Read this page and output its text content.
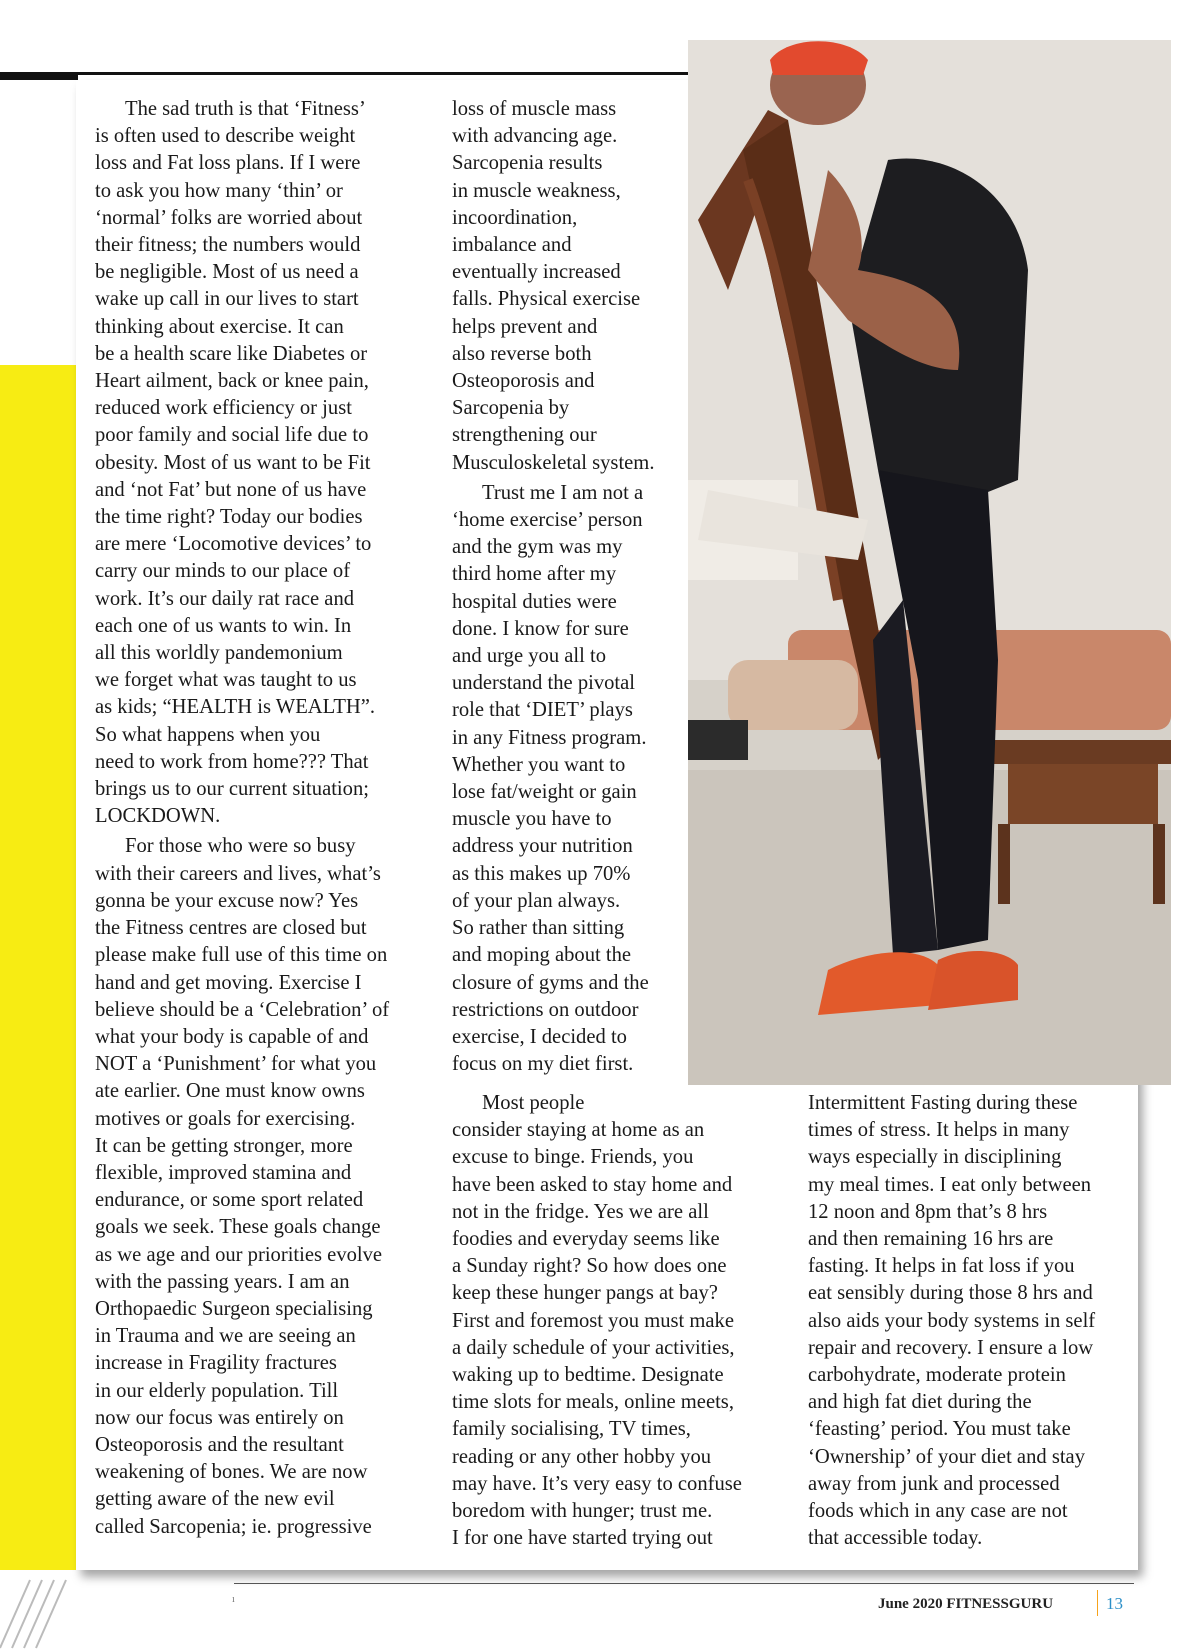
The sad truth is that ‘Fitness’
is often used to describe weight
loss and Fat loss plans. If I were
to ask you how many ‘thin’ or
‘normal’ folks are worried about
their fitness; the numbers would
be negligible. Most of us need a
wake up call in our lives to start
thinking about exercise. It can
be a health scare like Diabetes or
Heart ailment, back or knee pain,
reduced work efficiency or just
poor family and social life due to
obesity. Most of us want to be Fit
and ‘not Fat’ but none of us have
the time right? Today our bodies
are mere ‘Locomotive devices’ to
carry our minds to our place of
work. It’s our daily rat race and
each one of us wants to win. In
all this worldly pandemonium
we forget what was taught to us
as kids; “HEALTH is WEALTH”.
So what happens when you
need to work from home??? That
brings us to our current situation;
LOCKDOWN.

For those who were so busy
with their careers and lives, what’s
gonna be your excuse now? Yes
the Fitness centres are closed but
please make full use of this time on
hand and get moving. Exercise I
believe should be a ‘Celebration’ of
what your body is capable of and
NOT a ‘Punishment’ for what you
ate earlier. One must know owns
motives or goals for exercising.
It can be getting stronger, more
flexible, improved stamina and
endurance, or some sport related
goals we seek. These goals change
as we age and our priorities evolve
with the passing years. I am an
Orthopaedic Surgeon specialising
in Trauma and we are seeing an
increase in Fragility fractures
in our elderly population. Till
now our focus was entirely on
Osteoporosis and the resultant
weakening of bones. We are now
getting aware of the new evil
called Sarcopenia; ie. progressive

loss of muscle mass
with advancing age.
Sarcopenia results
in muscle weakness,
incoordination,
imbalance and
eventually increased
falls. Physical exercise
helps prevent and
also reverse both
Osteoporosis and
Sarcopenia by
strengthening our
Musculoskeletal system.

Trust me I am not a
‘home exercise’ person
and the gym was my
third home after my
hospital duties were
done. I know for sure
and urge you all to
understand the pivotal
role that ‘DIET’ plays
in any Fitness program.
Whether you want to
lose fat/weight or gain
muscle you have to
address your nutrition
as this makes up 70%
of your plan always.
So rather than sitting
and moping about the
closure of gyms and the
restrictions on outdoor
exercise, I decided to
focus on my diet first.

Most people
consider staying at home as an
excuse to binge. Friends, you
have been asked to stay home and
not in the fridge. Yes we are all
foodies and everyday seems like
a Sunday right? So how does one
keep these hunger pangs at bay?
First and foremost you must make
a daily schedule of your activities,
waking up to bedtime. Designate
time slots for meals, online meets,
family socialising, TV times,
reading or any other hobby you
may have. It’s very easy to confuse
boredom with hunger; trust me.
I for one have started trying out

Intermittent Fasting during these
times of stress. It helps in many
ways especially in disciplining
my meal times. I eat only between
12 noon and 8pm that’s 8 hrs
and then remaining 16 hrs are
fasting. It helps in fat loss if you
eat sensibly during those 8 hrs and
also aids your body systems in self
repair and recovery. I ensure a low
carbohydrate, moderate protein
and high fat diet during the
‘feasting’ period. You must take
‘Ownership’ of your diet and stay
away from junk and processed
foods which in any case are not
that accessible today.

ı	June 2020 FITNESSGURU	13
